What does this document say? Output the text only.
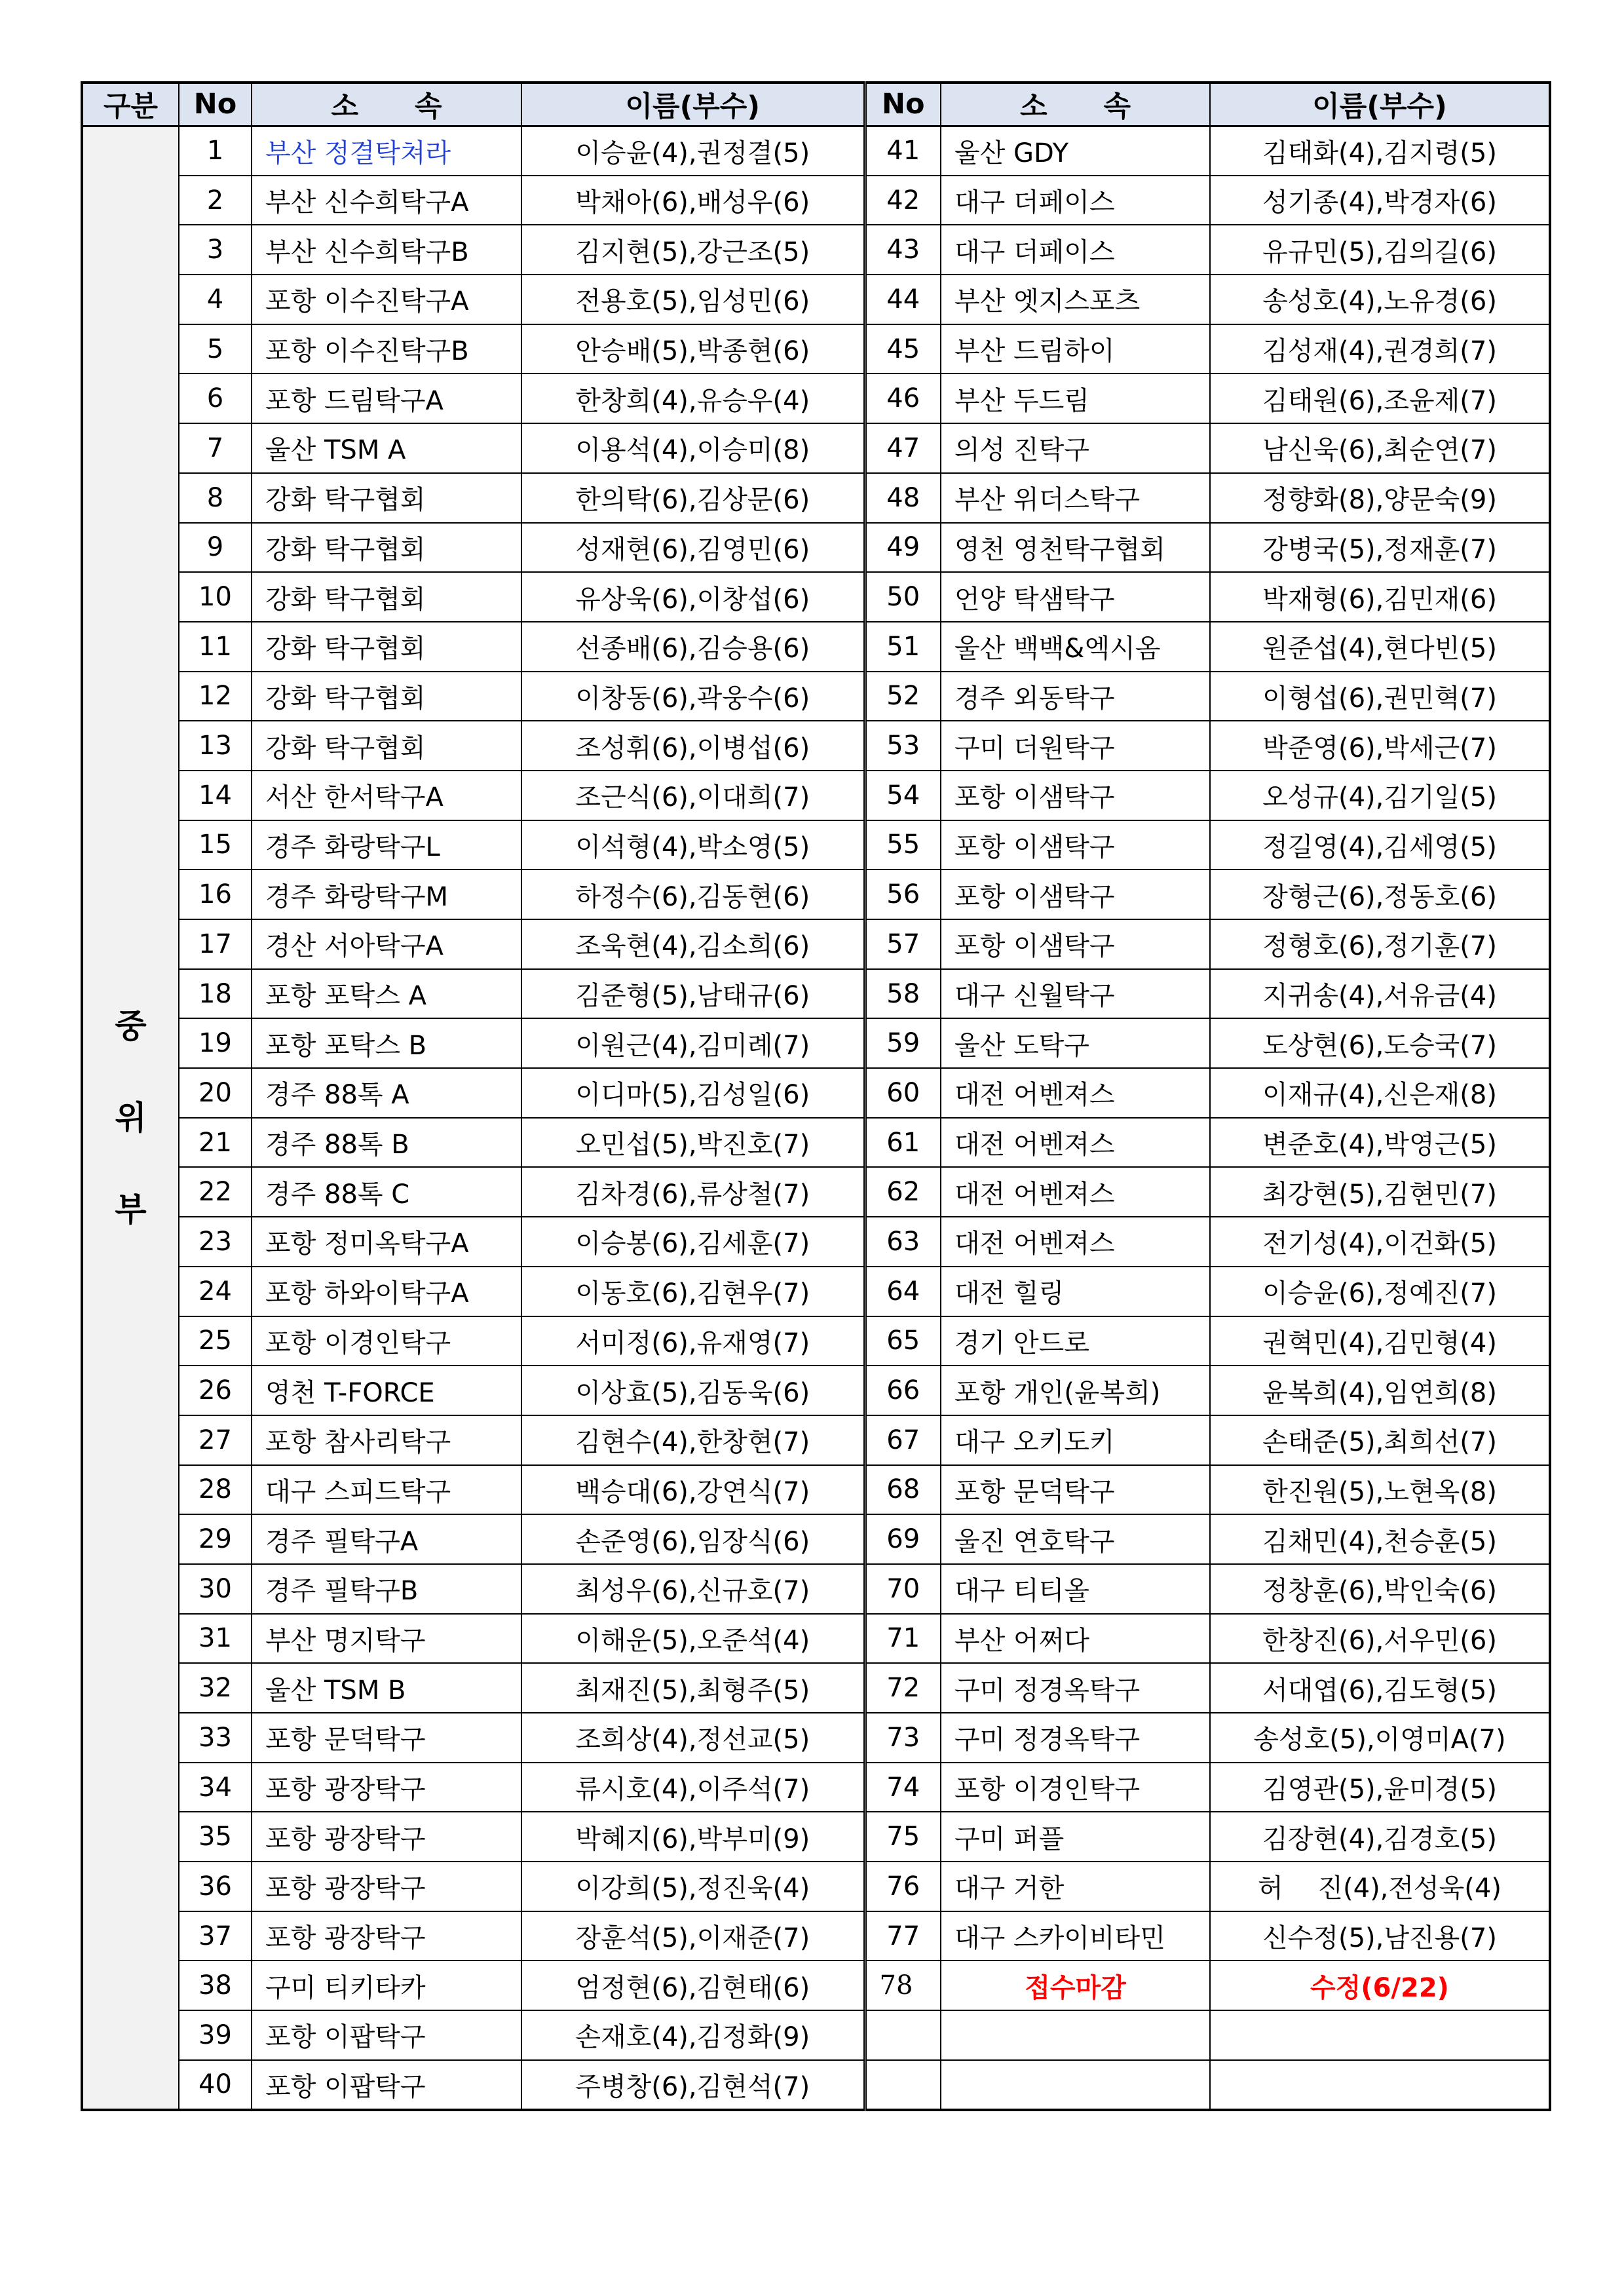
구분	No	소　　속	이름(부수)	No	소　　속	이름(부수)

중
위
부	1	부산 정결탁쳐라	이승윤(4),권정결(5)	41	울산 GDY	김태화(4),김지령(5)
	2	부산 신수희탁구A	박채아(6),배성우(6)	42	대구 더페이스	성기종(4),박경자(6)
	3	부산 신수희탁구B	김지현(5),강근조(5)	43	대구 더페이스	유규민(5),김의길(6)
	4	포항 이수진탁구A	전용호(5),임성민(6)	44	부산 엣지스포츠	송성호(4),노유경(6)
	5	포항 이수진탁구B	안승배(5),박종현(6)	45	부산 드림하이	김성재(4),권경희(7)
	6	포항 드림탁구A	한창희(4),유승우(4)	46	부산 두드림	김태원(6),조윤제(7)
	7	울산 TSM A	이용석(4),이승미(8)	47	의성 진탁구	남신욱(6),최순연(7)
	8	강화 탁구협회	한의탁(6),김상문(6)	48	부산 위더스탁구	정향화(8),양문숙(9)
	9	강화 탁구협회	성재현(6),김영민(6)	49	영천 영천탁구협회	강병국(5),정재훈(7)
	10	강화 탁구협회	유상욱(6),이창섭(6)	50	언양 탁샘탁구	박재형(6),김민재(6)
	11	강화 탁구협회	선종배(6),김승용(6)	51	울산 백백&엑시옴	원준섭(4),현다빈(5)
	12	강화 탁구협회	이창동(6),곽웅수(6)	52	경주 외동탁구	이형섭(6),권민혁(7)
	13	강화 탁구협회	조성휘(6),이병섭(6)	53	구미 더원탁구	박준영(6),박세근(7)
	14	서산 한서탁구A	조근식(6),이대희(7)	54	포항 이샘탁구	오성규(4),김기일(5)
	15	경주 화랑탁구L	이석형(4),박소영(5)	55	포항 이샘탁구	정길영(4),김세영(5)
	16	경주 화랑탁구M	하정수(6),김동현(6)	56	포항 이샘탁구	장형근(6),정동호(6)
	17	경산 서아탁구A	조욱현(4),김소희(6)	57	포항 이샘탁구	정형호(6),정기훈(7)
	18	포항 포탁스 A	김준형(5),남태규(6)	58	대구 신월탁구	지귀송(4),서유금(4)
	19	포항 포탁스 B	이원근(4),김미례(7)	59	울산 도탁구	도상현(6),도승국(7)
	20	경주 88톡 A	이디마(5),김성일(6)	60	대전 어벤져스	이재규(4),신은재(8)
	21	경주 88톡 B	오민섭(5),박진호(7)	61	대전 어벤져스	변준호(4),박영근(5)
	22	경주 88톡 C	김차경(6),류상철(7)	62	대전 어벤져스	최강현(5),김현민(7)
	23	포항 정미옥탁구A	이승봉(6),김세훈(7)	63	대전 어벤져스	전기성(4),이건화(5)
	24	포항 하와이탁구A	이동호(6),김현우(7)	64	대전 힐링	이승윤(6),정예진(7)
	25	포항 이경인탁구	서미정(6),유재영(7)	65	경기 안드로	권혁민(4),김민형(4)
	26	영천 T-FORCE	이상효(5),김동욱(6)	66	포항 개인(윤복희)	윤복희(4),임연희(8)
	27	포항 참사리탁구	김현수(4),한창현(7)	67	대구 오키도키	손태준(5),최희선(7)
	28	대구 스피드탁구	백승대(6),강연식(7)	68	포항 문덕탁구	한진원(5),노현옥(8)
	29	경주 필탁구A	손준영(6),임장식(6)	69	울진 연호탁구	김채민(4),천승훈(5)
	30	경주 필탁구B	최성우(6),신규호(7)	70	대구 티티올	정창훈(6),박인숙(6)
	31	부산 명지탁구	이해운(5),오준석(4)	71	부산 어쩌다	한창진(6),서우민(6)
	32	울산 TSM B	최재진(5),최형주(5)	72	구미 정경옥탁구	서대엽(6),김도형(5)
	33	포항 문덕탁구	조희상(4),정선교(5)	73	구미 정경옥탁구	송성호(5),이영미A(7)
	34	포항 광장탁구	류시호(4),이주석(7)	74	포항 이경인탁구	김영관(5),윤미경(5)
	35	포항 광장탁구	박혜지(6),박부미(9)	75	구미 퍼플	김장현(4),김경호(5)
	36	포항 광장탁구	이강희(5),정진욱(4)	76	대구 거한	허　 진(4),전성욱(4)
	37	포항 광장탁구	장훈석(5),이재준(7)	77	대구 스카이비타민	신수정(5),남진용(7)
	38	구미 티키타카	엄정현(6),김현태(6)	78	접수마감	수정(6/22)
	39	포항 이팝탁구	손재호(4),김정화(9)			
	40	포항 이팝탁구	주병창(6),김현석(7)			
